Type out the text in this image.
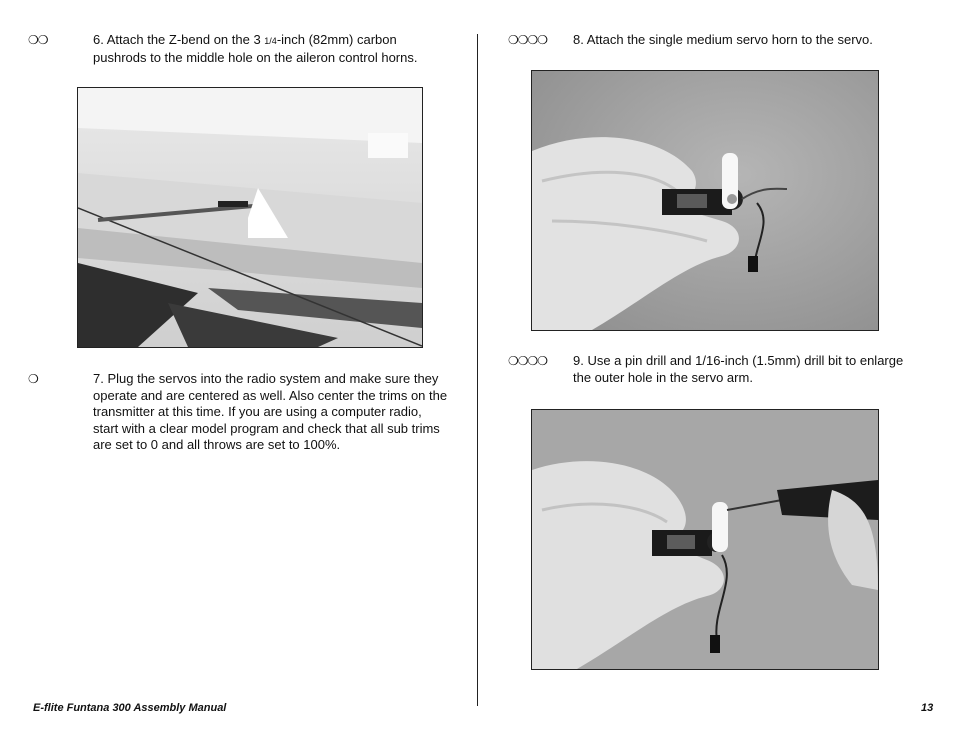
❍❍	6. Attach the Z-bend on the 3 1/4-inch (82mm) carbon pushrods to the middle hole on the aileron control horns.
❍	7. Plug the servos into the radio system and make sure they operate and are centered as well. Also center the trims on the transmitter at this time. If you are using a computer radio, start with a clear model program and check that all sub trims are set to 0 and all throws are set to 100%.
❍❍❍❍	8. Attach the single medium servo horn to the servo.
❍❍❍❍	9. Use a pin drill and 1/16-inch (1.5mm) drill bit to enlarge the outer hole in the servo arm.
E-flite Funtana 300 Assembly Manual	13
